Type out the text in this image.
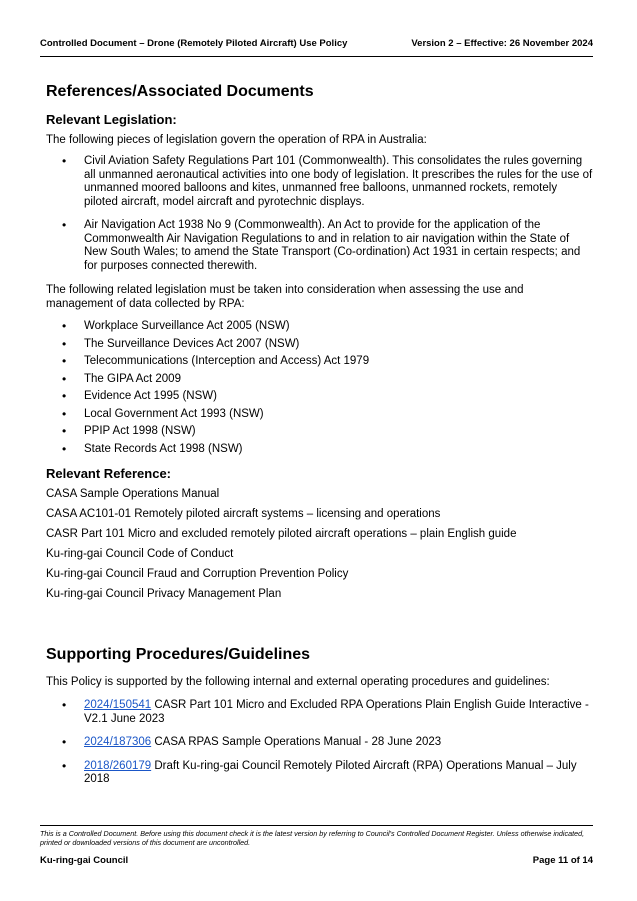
Controlled Document – Drone (Remotely Piloted Aircraft) Use Policy	Version 2 – Effective: 26 November 2024
References/Associated Documents
Relevant Legislation:

The following pieces of legislation govern the operation of RPA in Australia:

• Civil Aviation Safety Regulations Part 101 (Commonwealth). This consolidates the rules governing all unmanned aeronautical activities into one body of legislation. It prescribes the rules for the use of unmanned moored balloons and kites, unmanned free balloons, unmanned rockets, remotely piloted aircraft, model aircraft and pyrotechnic displays.
• Air Navigation Act 1938 No 9 (Commonwealth). An Act to provide for the application of the Commonwealth Air Navigation Regulations to and in relation to air navigation within the State of New South Wales; to amend the State Transport (Co-ordination) Act 1931 in certain respects; and for purposes connected therewith.

The following related legislation must be taken into consideration when assessing the use and management of data collected by RPA:

• Workplace Surveillance Act 2005 (NSW)
• The Surveillance Devices Act 2007 (NSW)
• Telecommunications (Interception and Access) Act 1979
• The GIPA Act 2009
• Evidence Act 1995 (NSW)
• Local Government Act 1993 (NSW)
• PPIP Act 1998 (NSW)
• State Records Act 1998 (NSW)
Relevant Reference:
CASA Sample Operations Manual
CASA AC101-01 Remotely piloted aircraft systems – licensing and operations
CASR Part 101 Micro and excluded remotely piloted aircraft operations – plain English guide
Ku-ring-gai Council Code of Conduct
Ku-ring-gai Council Fraud and Corruption Prevention Policy
Ku-ring-gai Council Privacy Management Plan
Supporting Procedures/Guidelines

This Policy is supported by the following internal and external operating procedures and guidelines:

• 2024/150541 CASR Part 101 Micro and Excluded RPA Operations Plain English Guide Interactive - V2.1 June 2023
• 2024/187306 CASA RPAS Sample Operations Manual - 28 June 2023
• 2018/260179 Draft Ku-ring-gai Council Remotely Piloted Aircraft (RPA) Operations Manual – July 2018
This is a Controlled Document. Before using this document check it is the latest version by referring to Council’s Controlled Document Register. Unless otherwise indicated, printed or downloaded versions of this document are uncontrolled.
Ku-ring-gai Council	Page 11 of 14
